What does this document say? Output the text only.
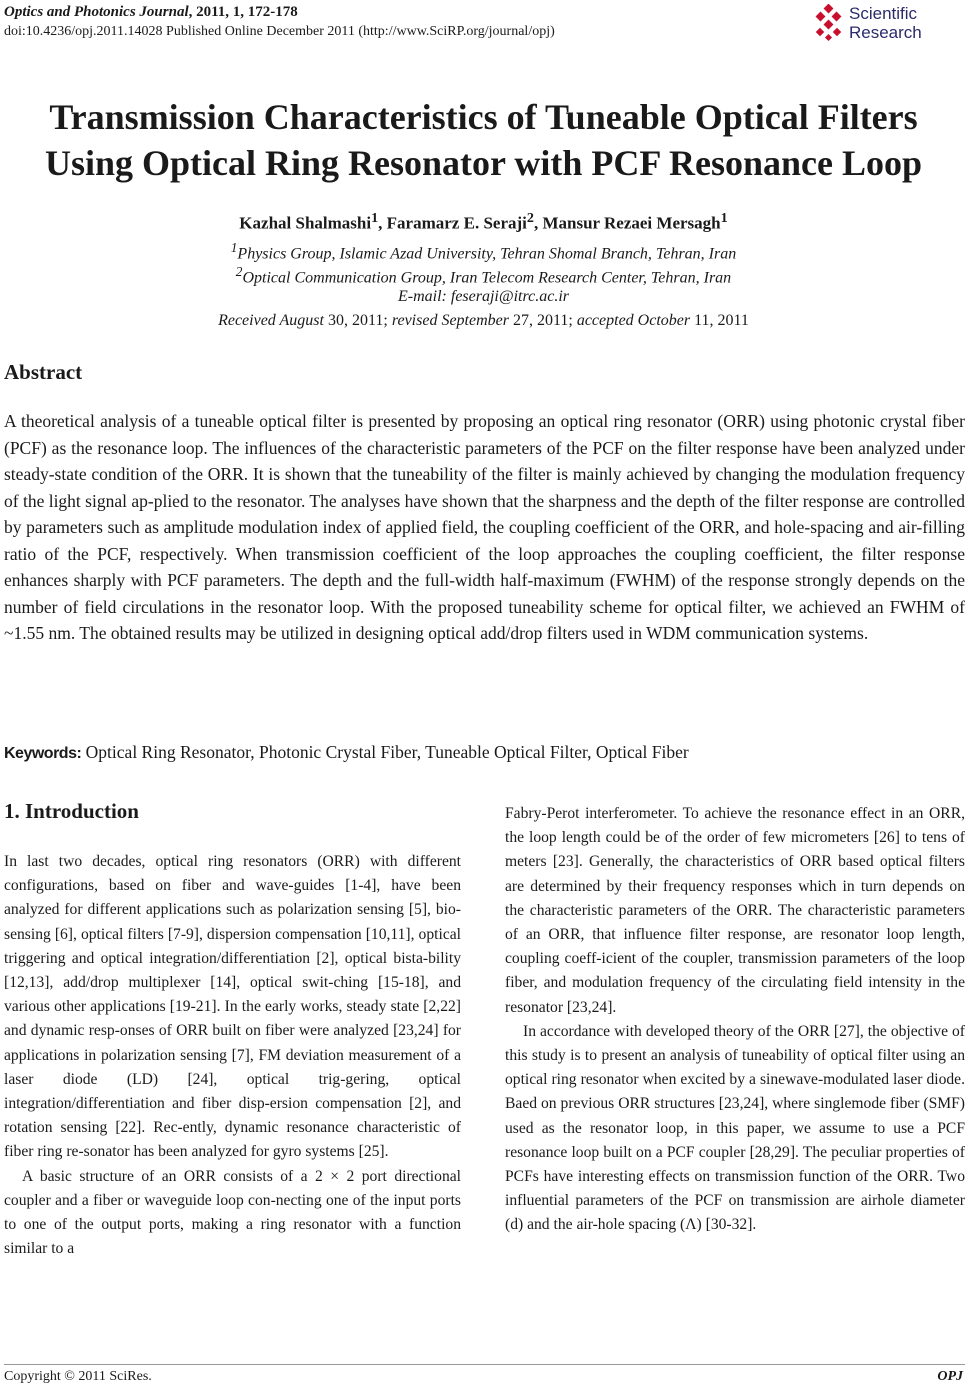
Optics and Photonics Journal, 2011, 1, 172-178
doi:10.4236/opj.2011.14028 Published Online December 2011 (http://www.SciRP.org/journal/opj)
Scientific
Research
Transmission Characteristics of Tuneable Optical Filters
Using Optical Ring Resonator with PCF Resonance Loop
Kazhal Shalmashi$^1$, Faramarz E. Seraji$^2$, Mansur Rezaei Mersagh$^1$
$^1$Physics Group, Islamic Azad University, Tehran Shomal Branch, Tehran, Iran
$^2$Optical Communication Group, Iran Telecom Research Center, Tehran, Iran
E-mail: feseraji@itrc.ac.ir
Received August 30, 2011; revised September 27, 2011; accepted October 11, 2011
Abstract
A theoretical analysis of a tuneable optical filter is presented by proposing an optical ring resonator (ORR) using photonic crystal fiber (PCF) as the resonance loop. The influences of the characteristic parameters of the PCF on the filter response have been analyzed under steady-state condition of the ORR. It is shown that the tuneability of the filter is mainly achieved by changing the modulation frequency of the light signal ap-plied to the resonator. The analyses have shown that the sharpness and the depth of the filter response are controlled by parameters such as amplitude modulation index of applied field, the coupling coefficient of the ORR, and hole-spacing and air-filling ratio of the PCF, respectively. When transmission coefficient of the loop approaches the coupling coefficient, the filter response enhances sharply with PCF parameters. The depth and the full-width half-maximum (FWHM) of the response strongly depends on the number of field circulations in the resonator loop. With the proposed tuneability scheme for optical filter, we achieved an FWHM of ~1.55 nm. The obtained results may be utilized in designing optical add/drop filters used in WDM communication systems.
Keywords: Optical Ring Resonator, Photonic Crystal Fiber, Tuneable Optical Filter, Optical Fiber
1. Introduction

In last two decades, optical ring resonators (ORR) with different configurations, based on fiber and wave-guides [1-4], have been analyzed for different applications such as polarization sensing [5], bio-sensing [6], optical filters [7-9], dispersion compensation [10,11], optical triggering and optical integration/differentiation [2], optical bista-bility [12,13], add/drop multiplexer [14], optical swit-ching [15-18], and various other applications [19-21]. In the early works, steady state [2,22] and dynamic resp-onses of ORR built on fiber were analyzed [23,24] for applications in polarization sensing [7], FM deviation measurement of a laser diode (LD) [24], optical trig-gering, optical integration/differentiation and fiber disp-ersion compensation [2], and rotation sensing [22]. Rec-ently, dynamic resonance characteristic of fiber ring re-sonator has been analyzed for gyro systems [25].

A basic structure of an ORR consists of a 2 × 2 port directional coupler and a fiber or waveguide loop con-necting one of the input ports to one of the output ports, making a ring resonator with a function similar to a

Fabry-Perot interferometer. To achieve the resonance effect in an ORR, the loop length could be of the order of few micrometers [26] to tens of meters [23]. Generally, the characteristics of ORR based optical filters are determined by their frequency responses which in turn depends on the characteristic parameters of the ORR. The characteristic parameters of an ORR, that influence filter response, are resonator loop length, coupling coeff-icient of the coupler, transmission parameters of the loop fiber, and modulation frequency of the circulating field intensity in the resonator [23,24].

In accordance with developed theory of the ORR [27], the objective of this study is to present an analysis of tuneability of optical filter using an optical ring resonator when excited by a sinewave-modulated laser diode. Baed on previous ORR structures [23,24], where singlemode fiber (SMF) used as the resonator loop, in this paper, we assume to use a PCF resonance loop built on a PCF coupler [28,29]. The peculiar properties of PCFs have interesting effects on transmission function of the ORR. Two influential parameters of the PCF on transmission are airhole diameter (d) and the air-hole spacing (Λ) [30-32].

Copyright © 2011 SciRes.	OPJ
